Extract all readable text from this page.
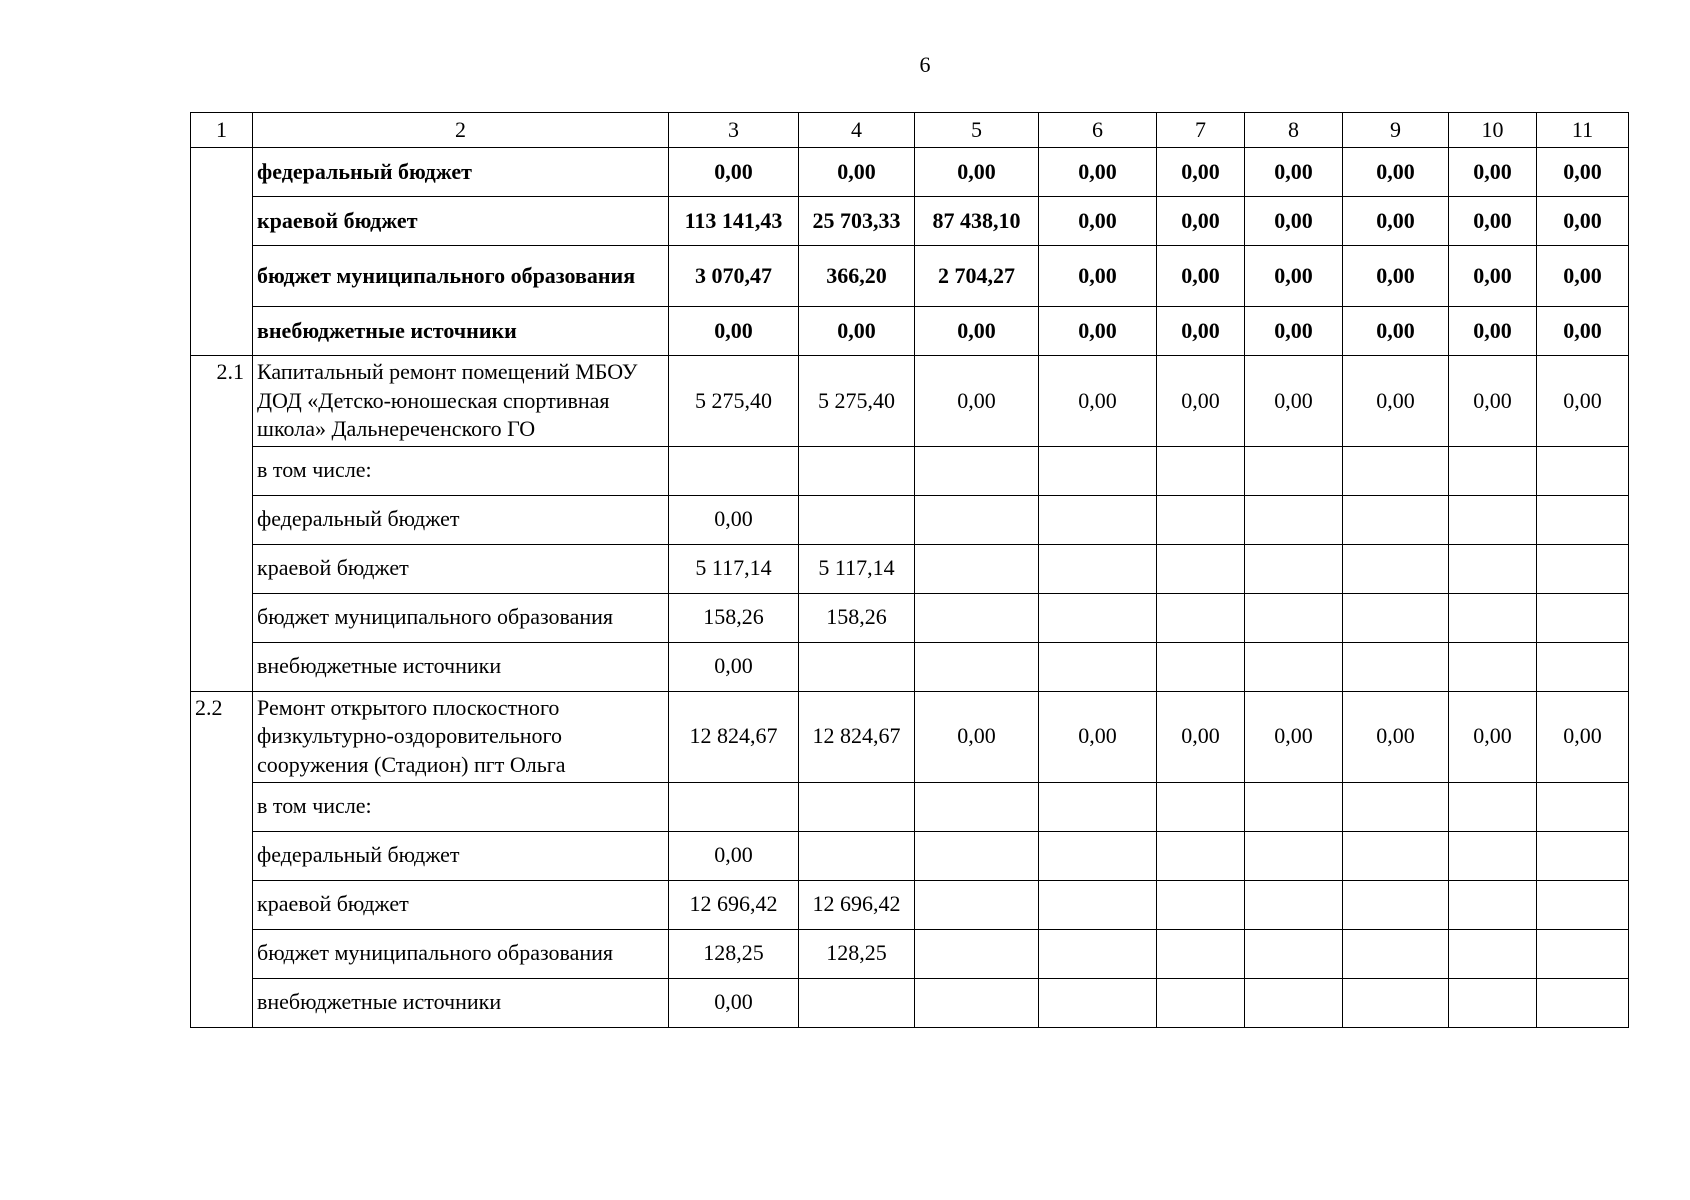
6
1	2	3	4	5	6	7	8	9	10	11
	федеральный бюджет	0,00	0,00	0,00	0,00	0,00	0,00	0,00	0,00	0,00
	краевой бюджет	113 141,43	25 703,33	87 438,10	0,00	0,00	0,00	0,00	0,00	0,00
	бюджет муниципального образования	3 070,47	366,20	2 704,27	0,00	0,00	0,00	0,00	0,00	0,00
	внебюджетные источники	0,00	0,00	0,00	0,00	0,00	0,00	0,00	0,00	0,00
2.1	Капитальный ремонт помещений МБОУ ДОД «Детско-юношеская спортивная школа» Дальнереченского ГО	5 275,40	5 275,40	0,00	0,00	0,00	0,00	0,00	0,00	0,00
	в том числе:									
	федеральный бюджет	0,00								
	краевой бюджет	5 117,14	5 117,14							
	бюджет муниципального образования	158,26	158,26							
	внебюджетные источники	0,00								
2.2	Ремонт открытого плоскостного физкультурно-оздоровительного сооружения (Стадион) пгт Ольга	12 824,67	12 824,67	0,00	0,00	0,00	0,00	0,00	0,00	0,00
	в том числе:									
	федеральный бюджет	0,00								
	краевой бюджет	12 696,42	12 696,42							
	бюджет муниципального образования	128,25	128,25							
	внебюджетные источники	0,00								
